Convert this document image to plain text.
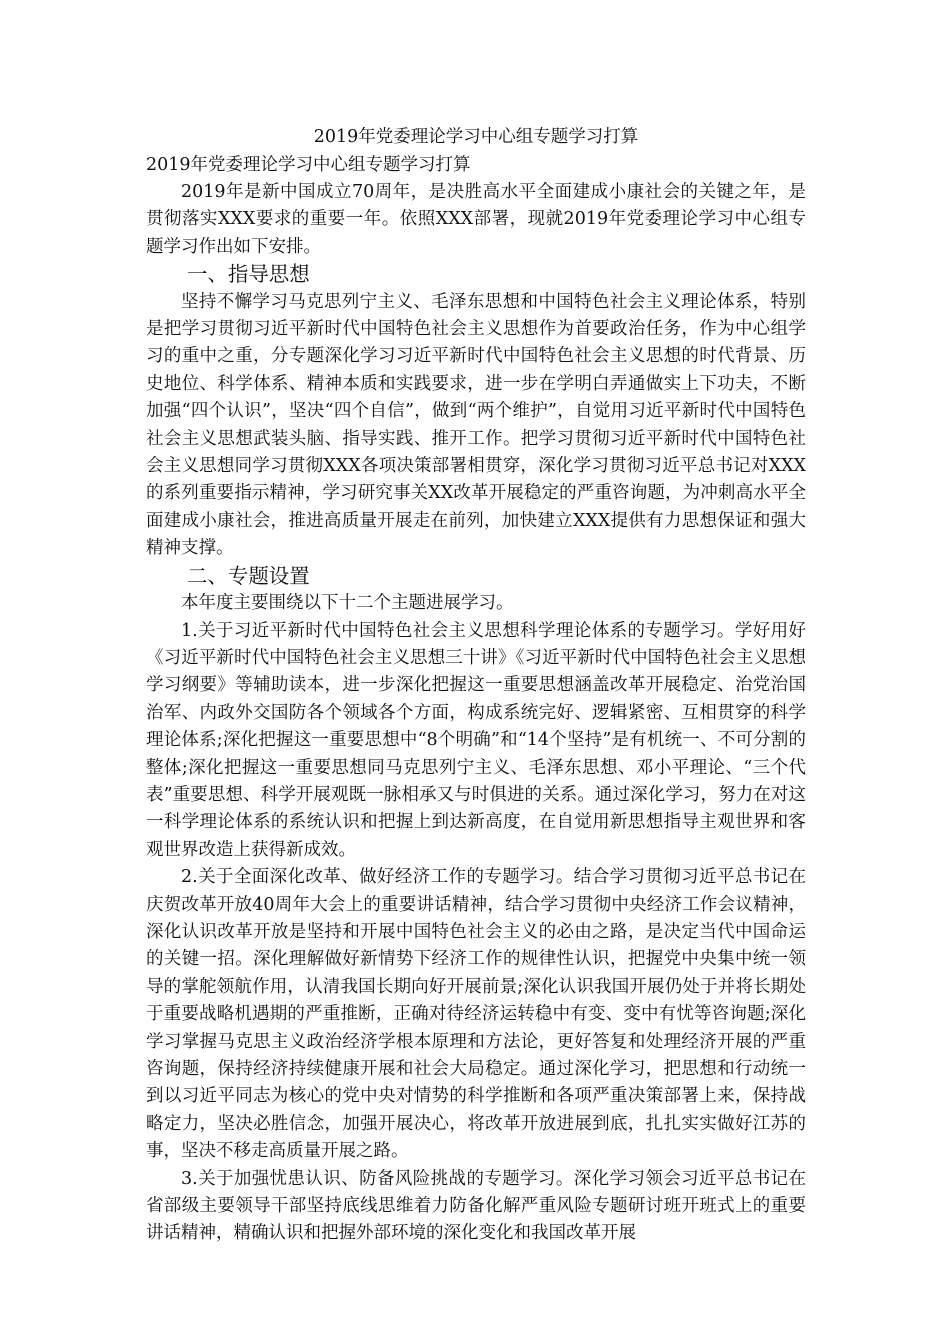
2019年党委理论学习中心组专题学习打算
2019年党委理论学习中心组专题学习打算

2019年是新中国成立70周年，是决胜高水平全面建成小康社会的关键之年，是贯彻落实XXX要求的重要一年。依照XXX部署，现就2019年党委理论学习中心组专题学习作出如下安排。

一、指导思想

坚持不懈学习马克思列宁主义、毛泽东思想和中国特色社会主义理论体系，特别是把学习贯彻习近平新时代中国特色社会主义思想作为首要政治任务，作为中心组学习的重中之重，分专题深化学习习近平新时代中国特色社会主义思想的时代背景、历史地位、科学体系、精神本质和实践要求，进一步在学明白弄通做实上下功夫，不断加强“四个认识”，坚决“四个自信”，做到“两个维护”，自觉用习近平新时代中国特色社会主义思想武装头脑、指导实践、推开工作。把学习贯彻习近平新时代中国特色社会主义思想同学习贯彻XXX各项决策部署相贯穿，深化学习贯彻习近平总书记对XXX的系列重要指示精神，学习研究事关XX改革开展稳定的严重咨询题，为冲刺高水平全面建成小康社会，推进高质量开展走在前列，加快建立XXX提供有力思想保证和强大精神支撑。

二、专题设置

本年度主要围绕以下十二个主题进展学习。

1.关于习近平新时代中国特色社会主义思想科学理论体系的专题学习。学好用好《习近平新时代中国特色社会主义思想三十讲》《习近平新时代中国特色社会主义思想学习纲要》等辅助读本，进一步深化把握这一重要思想涵盖改革开展稳定、治党治国治军、内政外交国防各个领域各个方面，构成系统完好、逻辑紧密、互相贯穿的科学理论体系;深化把握这一重要思想中“8个明确”和“14个坚持”是有机统一、不可分割的整体;深化把握这一重要思想同马克思列宁主义、毛泽东思想、邓小平理论、“三个代表”重要思想、科学开展观既一脉相承又与时俱进的关系。通过深化学习，努力在对这一科学理论体系的系统认识和把握上到达新高度，在自觉用新思想指导主观世界和客观世界改造上获得新成效。

2.关于全面深化改革、做好经济工作的专题学习。结合学习贯彻习近平总书记在庆贺改革开放40周年大会上的重要讲话精神，结合学习贯彻中央经济工作会议精神，深化认识改革开放是坚持和开展中国特色社会主义的必由之路，是决定当代中国命运的关键一招。深化理解做好新情势下经济工作的规律性认识，把握党中央集中统一领导的掌舵领航作用，认清我国长期向好开展前景;深化认识我国开展仍处于并将长期处于重要战略机遇期的严重推断，正确对待经济运转稳中有变、变中有忧等咨询题;深化学习掌握马克思主义政治经济学根本原理和方法论，更好答复和处理经济开展的严重咨询题，保持经济持续健康开展和社会大局稳定。通过深化学习，把思想和行动统一到以习近平同志为核心的党中央对情势的科学推断和各项严重决策部署上来，保持战略定力，坚决必胜信念，加强开展决心，将改革开放进展到底，扎扎实实做好江苏的事，坚决不移走高质量开展之路。

3.关于加强忧患认识、防备风险挑战的专题学习。深化学习领会习近平总书记在省部级主要领导干部坚持底线思维着力防备化解严重风险专题研讨班开班式上的重要讲话精神，精确认识和把握外部环境的深化变化和我国改革开展
